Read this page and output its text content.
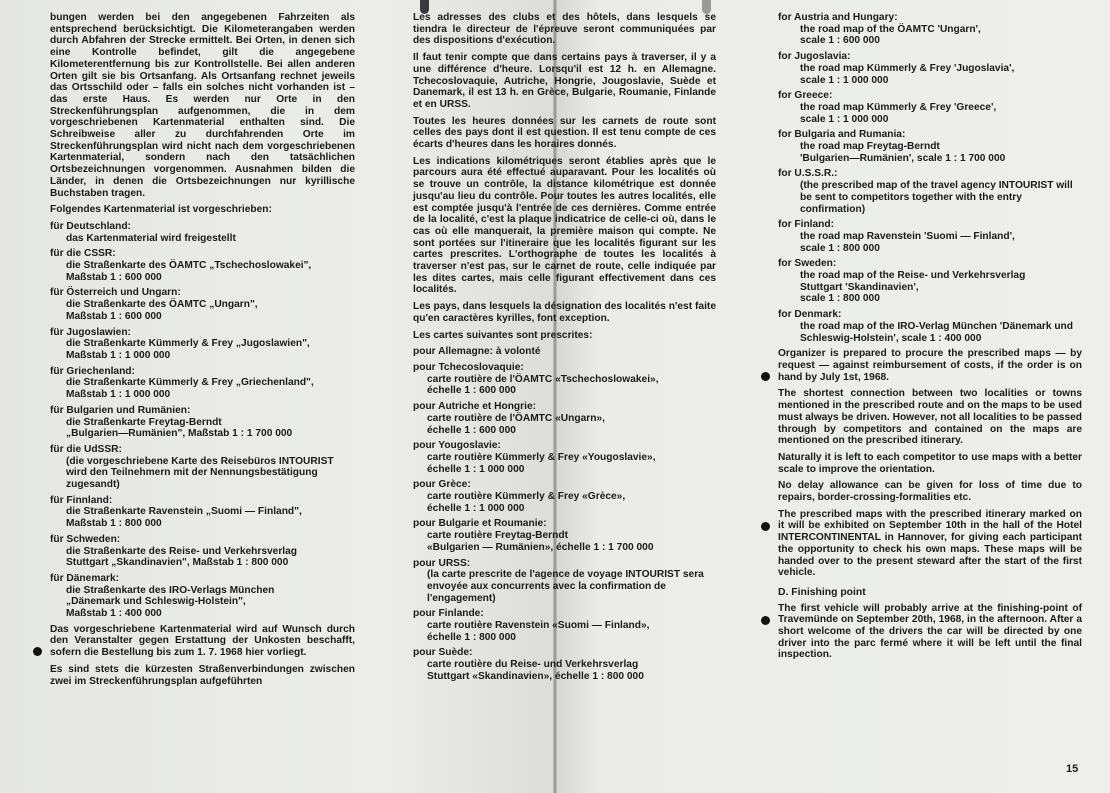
bungen werden bei den angegebenen Fahrzeiten als entsprechend berücksichtigt. Die Kilometerangaben werden durch Abfahren der Strecke ermittelt. Bei Orten, in denen sich eine Kontrolle befindet, gilt die angegebene Kilometerentfernung bis zur Kontrollstelle. Bei allen anderen Orten gilt sie bis Ortsanfang. Als Ortsanfang rechnet jeweils das Ortsschild oder – falls ein solches nicht vorhanden ist – das erste Haus. Es werden nur Orte in den Streckenführungsplan aufgenommen, die in dem vorgeschriebenen Kartenmaterial enthalten sind. Die Schreibweise aller zu durchfahrenden Orte im Streckenführungsplan wird nicht nach dem vorgeschriebenen Kartenmaterial, sondern nach den tatsächlichen Ortsbezeichnungen vorgenommen. Ausnahmen bilden die Länder, in denen die Ortsbezeichnungen nur kyrillische Buchstaben tragen.

Folgendes Kartenmaterial ist vorgeschrieben:

für Deutschland:
das Kartenmaterial wird freigestellt
für die CSSR:
die Straßenkarte des ÖAMTC „Tschechoslowakei",
Maßstab 1 : 600 000
für Österreich und Ungarn:
die Straßenkarte des ÖAMTC „Ungarn",
Maßstab 1 : 600 000
für Jugoslawien:
die Straßenkarte Kümmerly & Frey „Jugoslawien",
Maßstab 1 : 1 000 000
für Griechenland:
die Straßenkarte Kümmerly & Frey „Griechenland",
Maßstab 1 : 1 000 000
für Bulgarien und Rumänien:
die Straßenkarte Freytag-Berndt
„Bulgarien—Rumänien", Maßstab 1 : 1 700 000
für die UdSSR:
(die vorgeschriebene Karte des Reisebüros INTOURIST wird den Teilnehmern mit der Nennungsbestätigung zugesandt)
für Finnland:
die Straßenkarte Ravenstein „Suomi — Finland",
Maßstab 1 : 800 000
für Schweden:
die Straßenkarte des Reise- und Verkehrsverlag
Stuttgart „Skandinavien", Maßstab 1 : 800 000
für Dänemark:
die Straßenkarte des IRO-Verlags München
„Dänemark und Schleswig-Holstein",
Maßstab 1 : 400 000

Das vorgeschriebene Kartenmaterial wird auf Wunsch durch den Veranstalter gegen Erstattung der Unkosten beschafft, sofern die Bestellung bis zum 1. 7. 1968 hier vorliegt.

Es sind stets die kürzesten Straßenverbindungen zwischen zwei im Streckenführungsplan aufgeführten

Les adresses des clubs et des hôtels, dans lesquels se tiendra le directeur de l'épreuve seront communiquées par des dispositions d'exécution.

Il faut tenir compte que dans certains pays à traverser, il y a une différence d'heure. Lorsqu'il est 12 h. en Allemagne. Tchecoslovaquie, Autriche, Hongrie, Jougoslavie, Suède et Danemark, il est 13 h. en Grèce, Bulgarie, Roumanie, Finlande et en URSS.

Toutes les heures données sur les carnets de route sont celles des pays dont il est question. Il est tenu compte de ces écarts d'heures dans les horaires donnés.

Les indications kilométriques seront établies après que le parcours aura été effectué auparavant. Pour les localités où se trouve un contrôle, la distance kilométrique est donnée jusqu'au lieu du contrôle. Pour toutes les autres localités, elle est comptée jusqu'à l'entrée de ces dernières. Comme entrée de la localité, c'est la plaque indicatrice de celle-ci où, dans le cas où elle manquerait, la première maison qui compte. Ne sont portées sur l'itineraire que les localités figurant sur les cartes prescrites. L'orthographe de toutes les localités à traverser n'est pas, sur le carnet de route, celle indiquée par les dites cartes, mais celle figurant effectivement dans ces localités.

Les pays, dans lesquels la désignation des localités n'est faite qu'en caractères kyrilles, font exception.

Les cartes suivantes sont prescrites:

pour Allemagne: à volonté
pour Tchecoslovaquie:
carte routière de l'ÖAMTC «Tschechoslowakei»,
échelle 1 : 600 000
pour Autriche et Hongrie:
carte routière de l'ÖAMTC «Ungarn»,
échelle 1 : 600 000
pour Yougoslavie:
carte routière Kümmerly & Frey «Yougoslavie»,
échelle 1 : 1 000 000
pour Grèce:
carte routière Kümmerly & Frey «Grèce»,
échelle 1 : 1 000 000
pour Bulgarie et Roumanie:
carte routière Freytag-Berndt
«Bulgarien — Rumänien», échelle 1 : 1 700 000
pour URSS:
(la carte prescrite de l'agence de voyage INTOURIST sera envoyée aux concurrents avec la confirmation de l'engagement)
pour Finlande:
carte routière Ravenstein «Suomi — Finland»,
échelle 1 : 800 000
pour Suède:
carte routière du Reise- und Verkehrsverlag
Stuttgart «Skandinavien», échelle 1 : 800 000
for Austria and Hungary:
the road map of the ÖAMTC 'Ungarn',
scale 1 : 600 000
for Jugoslavia:
the road map Kümmerly & Frey 'Jugoslavia',
scale 1 : 1 000 000
for Greece:
the road map Kümmerly & Frey 'Greece',
scale 1 : 1 000 000
for Bulgaria and Rumania:
the road map Freytag-Berndt
'Bulgarien—Rumänien', scale 1 : 1 700 000
for U.S.S.R.:
(the prescribed map of the travel agency INTOURIST will be sent to competitors together with the entry confirmation)
for Finland:
the road map Ravenstein 'Suomi — Finland',
scale 1 : 800 000
for Sweden:
the road map of the Reise- und Verkehrsverlag
Stuttgart 'Skandinavien',
scale 1 : 800 000
for Denmark:
the road map of the IRO-Verlag München 'Dänemark und Schleswig-Holstein', scale 1 : 400 000

Organizer is prepared to procure the prescribed maps — by request — against reimbursement of costs, if the order is on hand by July 1st, 1968.

The shortest connection between two localities or towns mentioned in the prescribed route and on the maps to be used must always be driven. However, not all localities to be passed through by competitors and contained on the maps are mentioned on the prescribed itinerary.

Naturally it is left to each competitor to use maps with a better scale to improve the orientation.

No delay allowance can be given for loss of time due to repairs, border-crossing-formalities etc.

The prescribed maps with the prescribed itinerary marked on it will be exhibited on September 10th in the hall of the Hotel INTERCONTINENTAL in Hannover, for giving each participant the opportunity to check his own maps. These maps will be handed over to the present steward after the start of the first vehicle.

D. Finishing point

The first vehicle will probably arrive at the finishing-point of Travemünde on September 20th, 1968, in the afternoon. After a short welcome of the drivers the car will be directed by one driver into the parc fermé where it will be left until the final inspection.

15
